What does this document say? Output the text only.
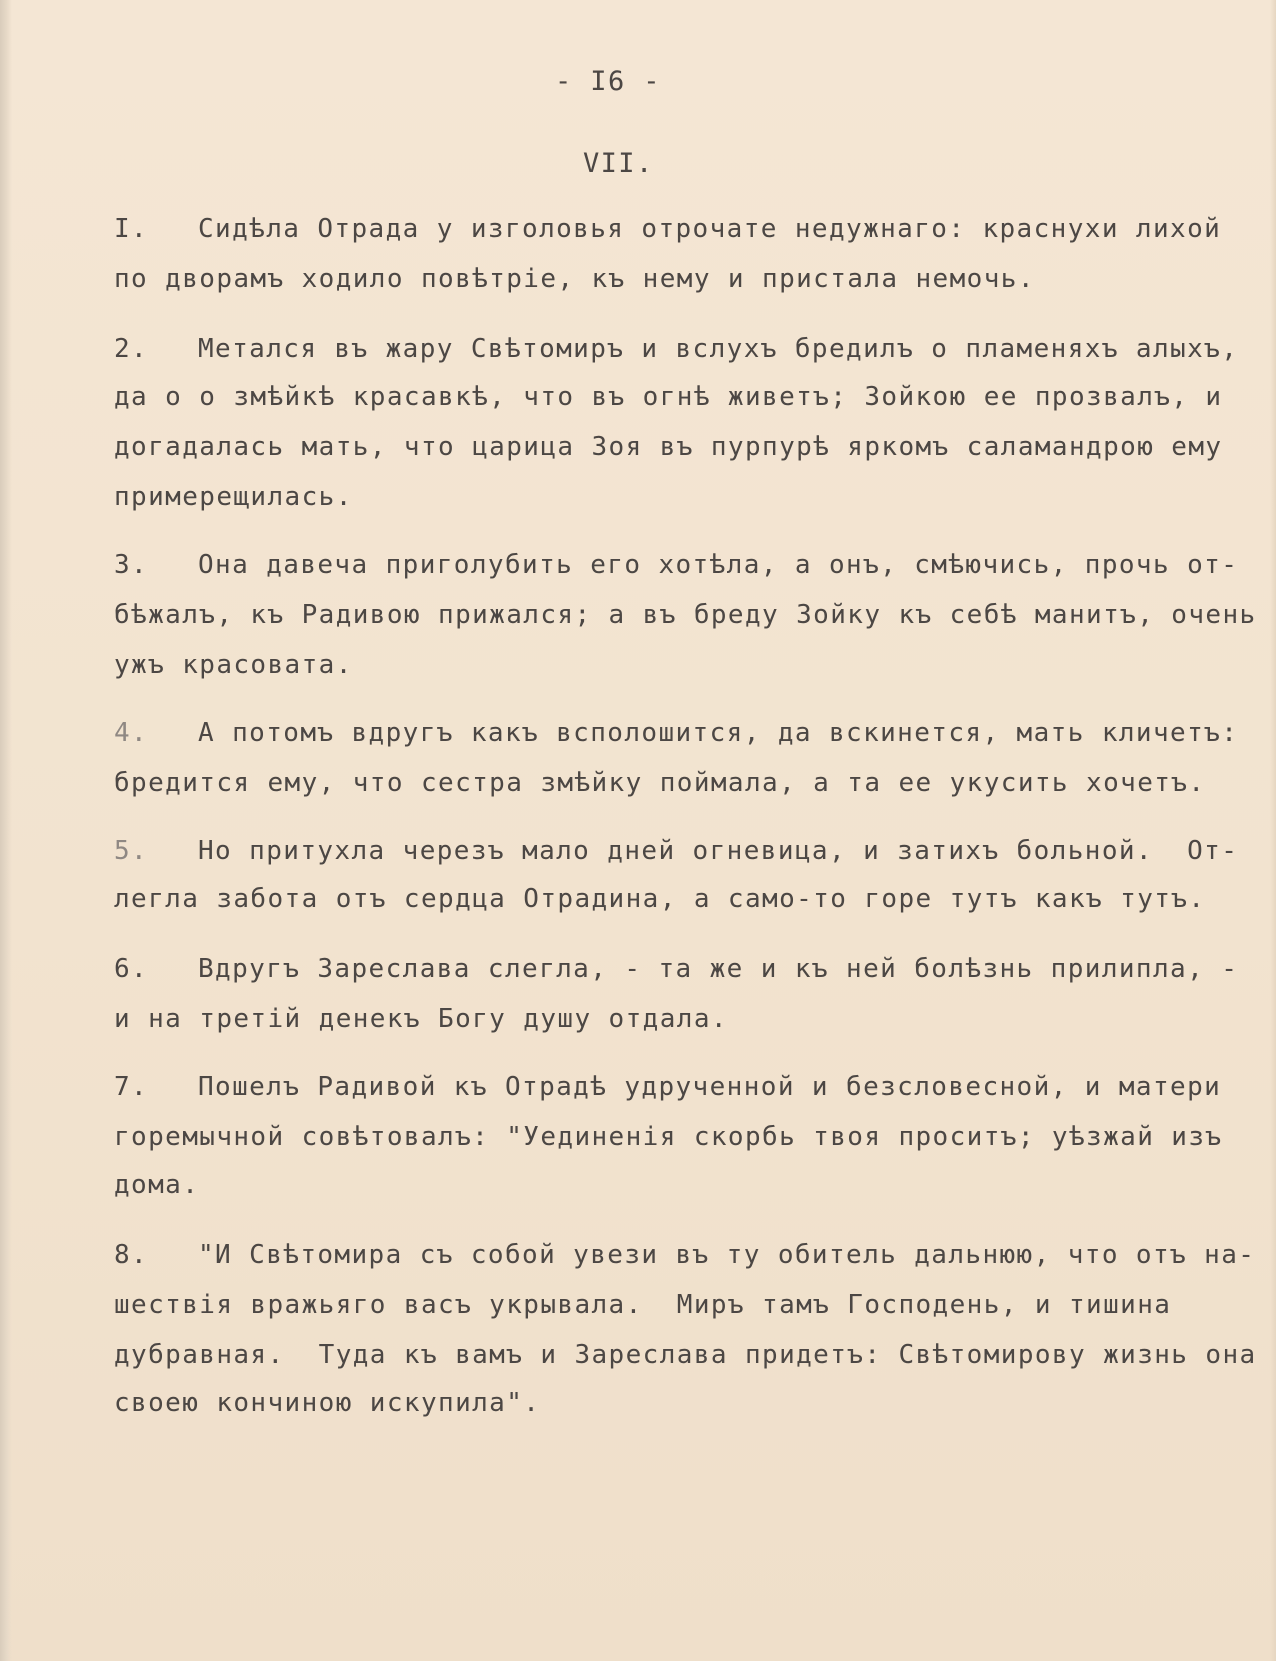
- I6 -
VII.
I. Сидѣла Отрада у изголовья отрочате недужнаго: краснухи лихой
по дворамъ ходило повѣтріе, къ нему и пристала немочь.
2. Метался въ жару Свѣтомиръ и вслухъ бредилъ о пламеняхъ алыхъ,
да о о змѣйкѣ красавкѣ, что въ огнѣ живетъ; Зойкою ее прозвалъ, и
догадалась мать, что царица Зоя въ пурпурѣ яркомъ саламандрою ему
примерещилась.
3. Она давеча приголубить его хотѣла, а онъ, смѣючись, прочь от-
бѣжалъ, къ Радивою прижался; а въ бреду Зойку къ себѣ манитъ, очень
ужъ красовата.
4. А потомъ вдругъ какъ всполошится, да вскинется, мать кличетъ:
бредится ему, что сестра змѣйку поймала, а та ее укусить хочетъ.
5. Но притухла черезъ мало дней огневица, и затихъ больной.  От-
легла забота отъ сердца Отрадина, а само-то горе тутъ какъ тутъ.
6. Вдругъ Зареслава слегла, - та же и къ ней болѣзнь прилипла, -
и на третій денекъ Богу душу отдала.
7. Пошелъ Радивой къ Отрадѣ удрученной и безсловесной, и матери
горемычной совѣтовалъ: "Уединенія скорбь твоя проситъ; уѣзжай изъ
дома.
8. "И Свѣтомира съ собой увези въ ту обитель дальнюю, что отъ на-
шествія вражьяго васъ укрывала.  Миръ тамъ Господень, и тишина
дубравная.  Туда къ вамъ и Зареслава придетъ: Свѣтомирову жизнь она
своею кончиною искупила".
